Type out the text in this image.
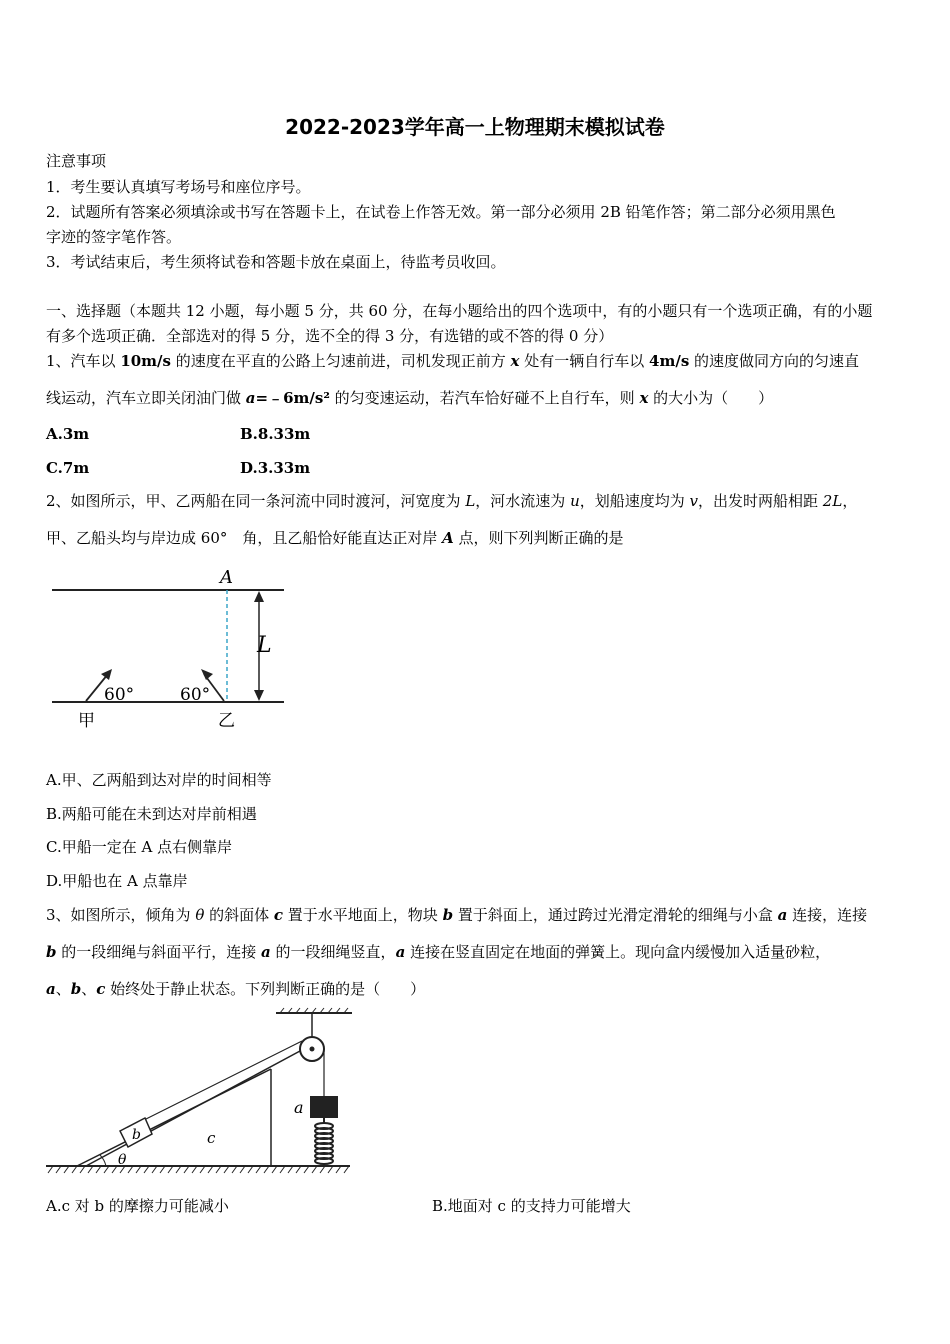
2022-2023学年高一上物理期末模拟试卷
注意事项
1．考生要认真填写考场号和座位序号。
2．试题所有答案必须填涂或书写在答题卡上，在试卷上作答无效。第一部分必须用 2B 铅笔作答；第二部分必须用黑色
字迹的签字笔作答。
3．考试结束后，考生须将试卷和答题卡放在桌面上，待监考员收回。
一、选择题（本题共 12 小题，每小题 5 分，共 60 分，在每小题给出的四个选项中，有的小题只有一个选项正确，有的小题
有多个选项正确．全部选对的得 5 分，选不全的得 3 分，有选错的或不答的得 0 分）
1、汽车以 10m/s 的速度在平直的公路上匀速前进，司机发现正前方 x 处有一辆自行车以 4m/s 的速度做同方向的匀速直
线运动，汽车立即关闭油门做 a=﹣6m/s² 的匀变速运动，若汽车恰好碰不上自行车，则 x 的大小为（　　）
A.3m	B.8.33m
C.7m	D.3.33m
2、如图所示，甲、乙两船在同一条河流中同时渡河，河宽度为 L，河水流速为 u，划船速度均为 v，出发时两船相距 2L，
甲、乙船头均与岸边成 60°　角，且乙船恰好能直达正对岸 A 点，则下列判断正确的是
A
L
60°	60°
甲	乙
A.甲、乙两船到达对岸的时间相等
B.两船可能在未到达对岸前相遇
C.甲船一定在 A 点右侧靠岸
D.甲船也在 A 点靠岸
3、如图所示，倾角为 θ 的斜面体 c 置于水平地面上，物块 b 置于斜面上，通过跨过光滑定滑轮的细绳与小盒 a 连接，连接
b 的一段细绳与斜面平行，连接 a 的一段细绳竖直，a 连接在竖直固定在地面的弹簧上。现向盒内缓慢加入适量砂粒，
a、b、c 始终处于静止状态。下列判断正确的是（　　）
b	c
θ
a
A.c 对 b 的摩擦力可能减小	B.地面对 c 的支持力可能增大
